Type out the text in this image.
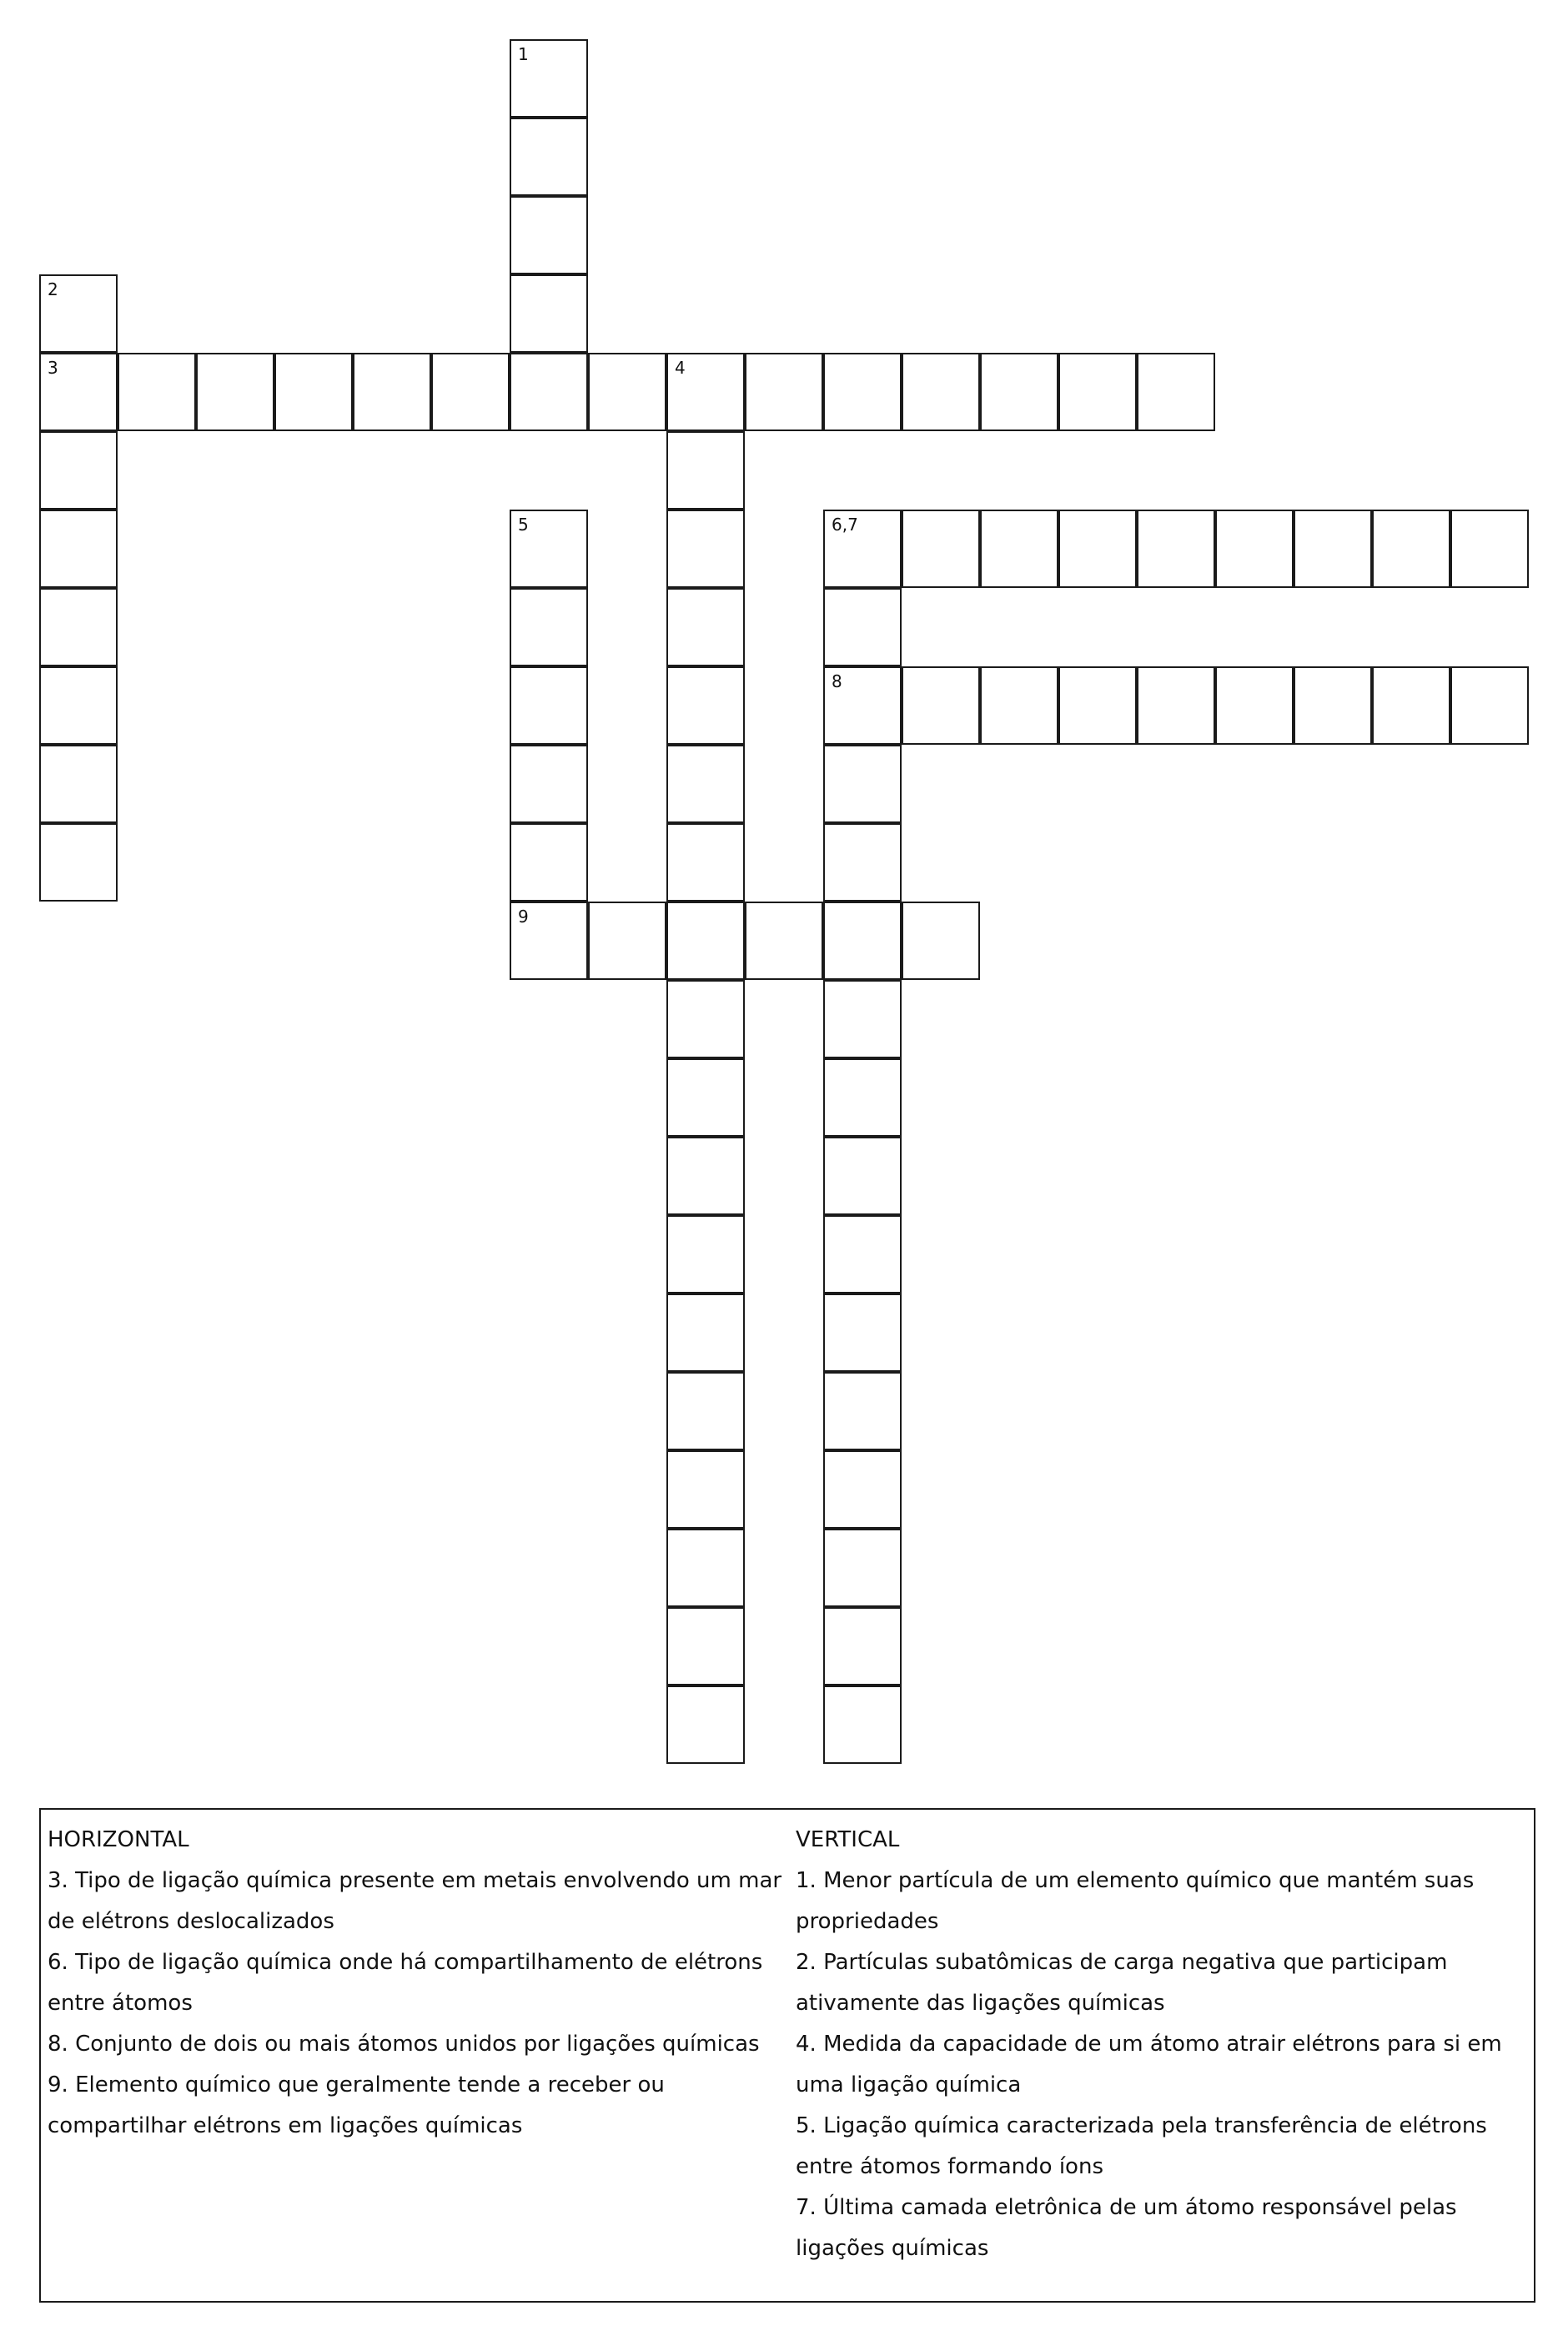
1
2
3	4
5
9
6,7
8

HORIZONTAL

3. Tipo de ligação química presente em metais envolvendo um mar de elétrons deslocalizados

6. Tipo de ligação química onde há compartilhamento de elétrons entre átomos

8. Conjunto de dois ou mais átomos unidos por ligações químicas

9. Elemento químico que geralmente tende a receber ou compartilhar elétrons em ligações químicas

VERTICAL

1. Menor partícula de um elemento químico que mantém suas propriedades

2. Partículas subatômicas de carga negativa que participam ativamente das ligações químicas

4. Medida da capacidade de um átomo atrair elétrons para si em uma ligação química

5. Ligação química caracterizada pela transferência de elétrons entre átomos formando íons

7. Última camada eletrônica de um átomo responsável pelas ligações químicas
